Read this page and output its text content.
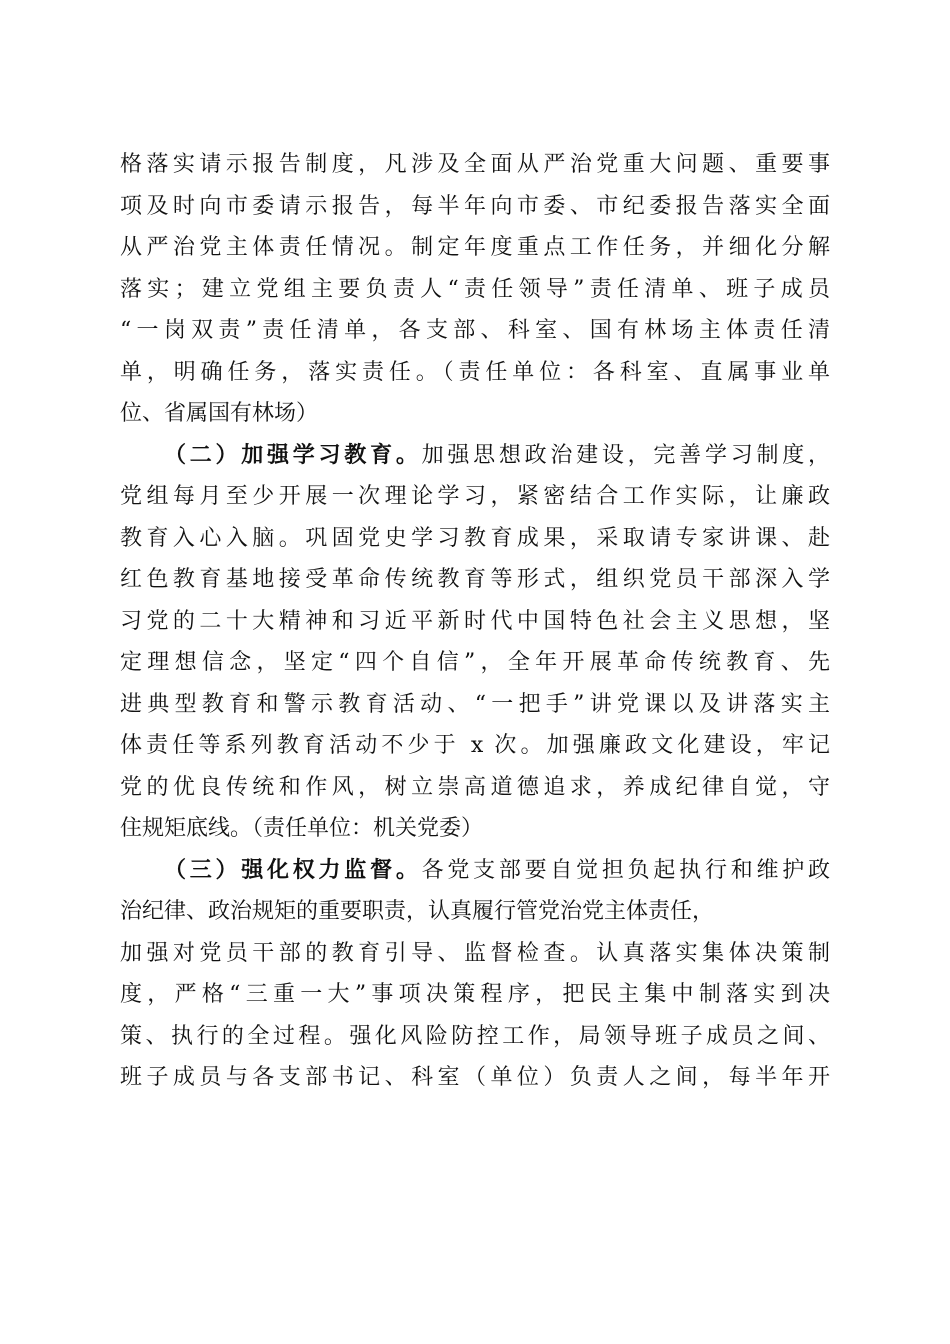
格落实请示报告制度，凡涉及全面从严治党重大问题、重要事
项及时向市委请示报告，每半年向市委、市纪委报告落实全面
从严治党主体责任情况。制定年度重点工作任务，并细化分解
落实；建立党组主要负责人“责任领导”责任清单、班子成员
“一岗双责”责任清单，各支部、科室、国有林场主体责任清
单，明确任务，落实责任。（责任单位：各科室、直属事业单
位、省属国有林场）
（二）加强学习教育。加强思想政治建设，完善学习制度，
党组每月至少开展一次理论学习，紧密结合工作实际，让廉政
教育入心入脑。巩固党史学习教育成果，采取请专家讲课、赴
红色教育基地接受革命传统教育等形式，组织党员干部深入学
习党的二十大精神和习近平新时代中国特色社会主义思想，坚
定理想信念，坚定“四个自信”，全年开展革命传统教育、先
进典型教育和警示教育活动、“一把手”讲党课以及讲落实主
体责任等系列教育活动不少于 x 次。加强廉政文化建设，牢记
党的优良传统和作风，树立崇高道德追求，养成纪律自觉，守
住规矩底线。（责任单位：机关党委）
（三）强化权力监督。各党支部要自觉担负起执行和维护政
治纪律、政治规矩的重要职责，认真履行管党治党主体责任，
加强对党员干部的教育引导、监督检查。认真落实集体决策制
度，严格“三重一大”事项决策程序，把民主集中制落实到决
策、执行的全过程。强化风险防控工作，局领导班子成员之间、
班子成员与各支部书记、科室（单位）负责人之间，每半年开
